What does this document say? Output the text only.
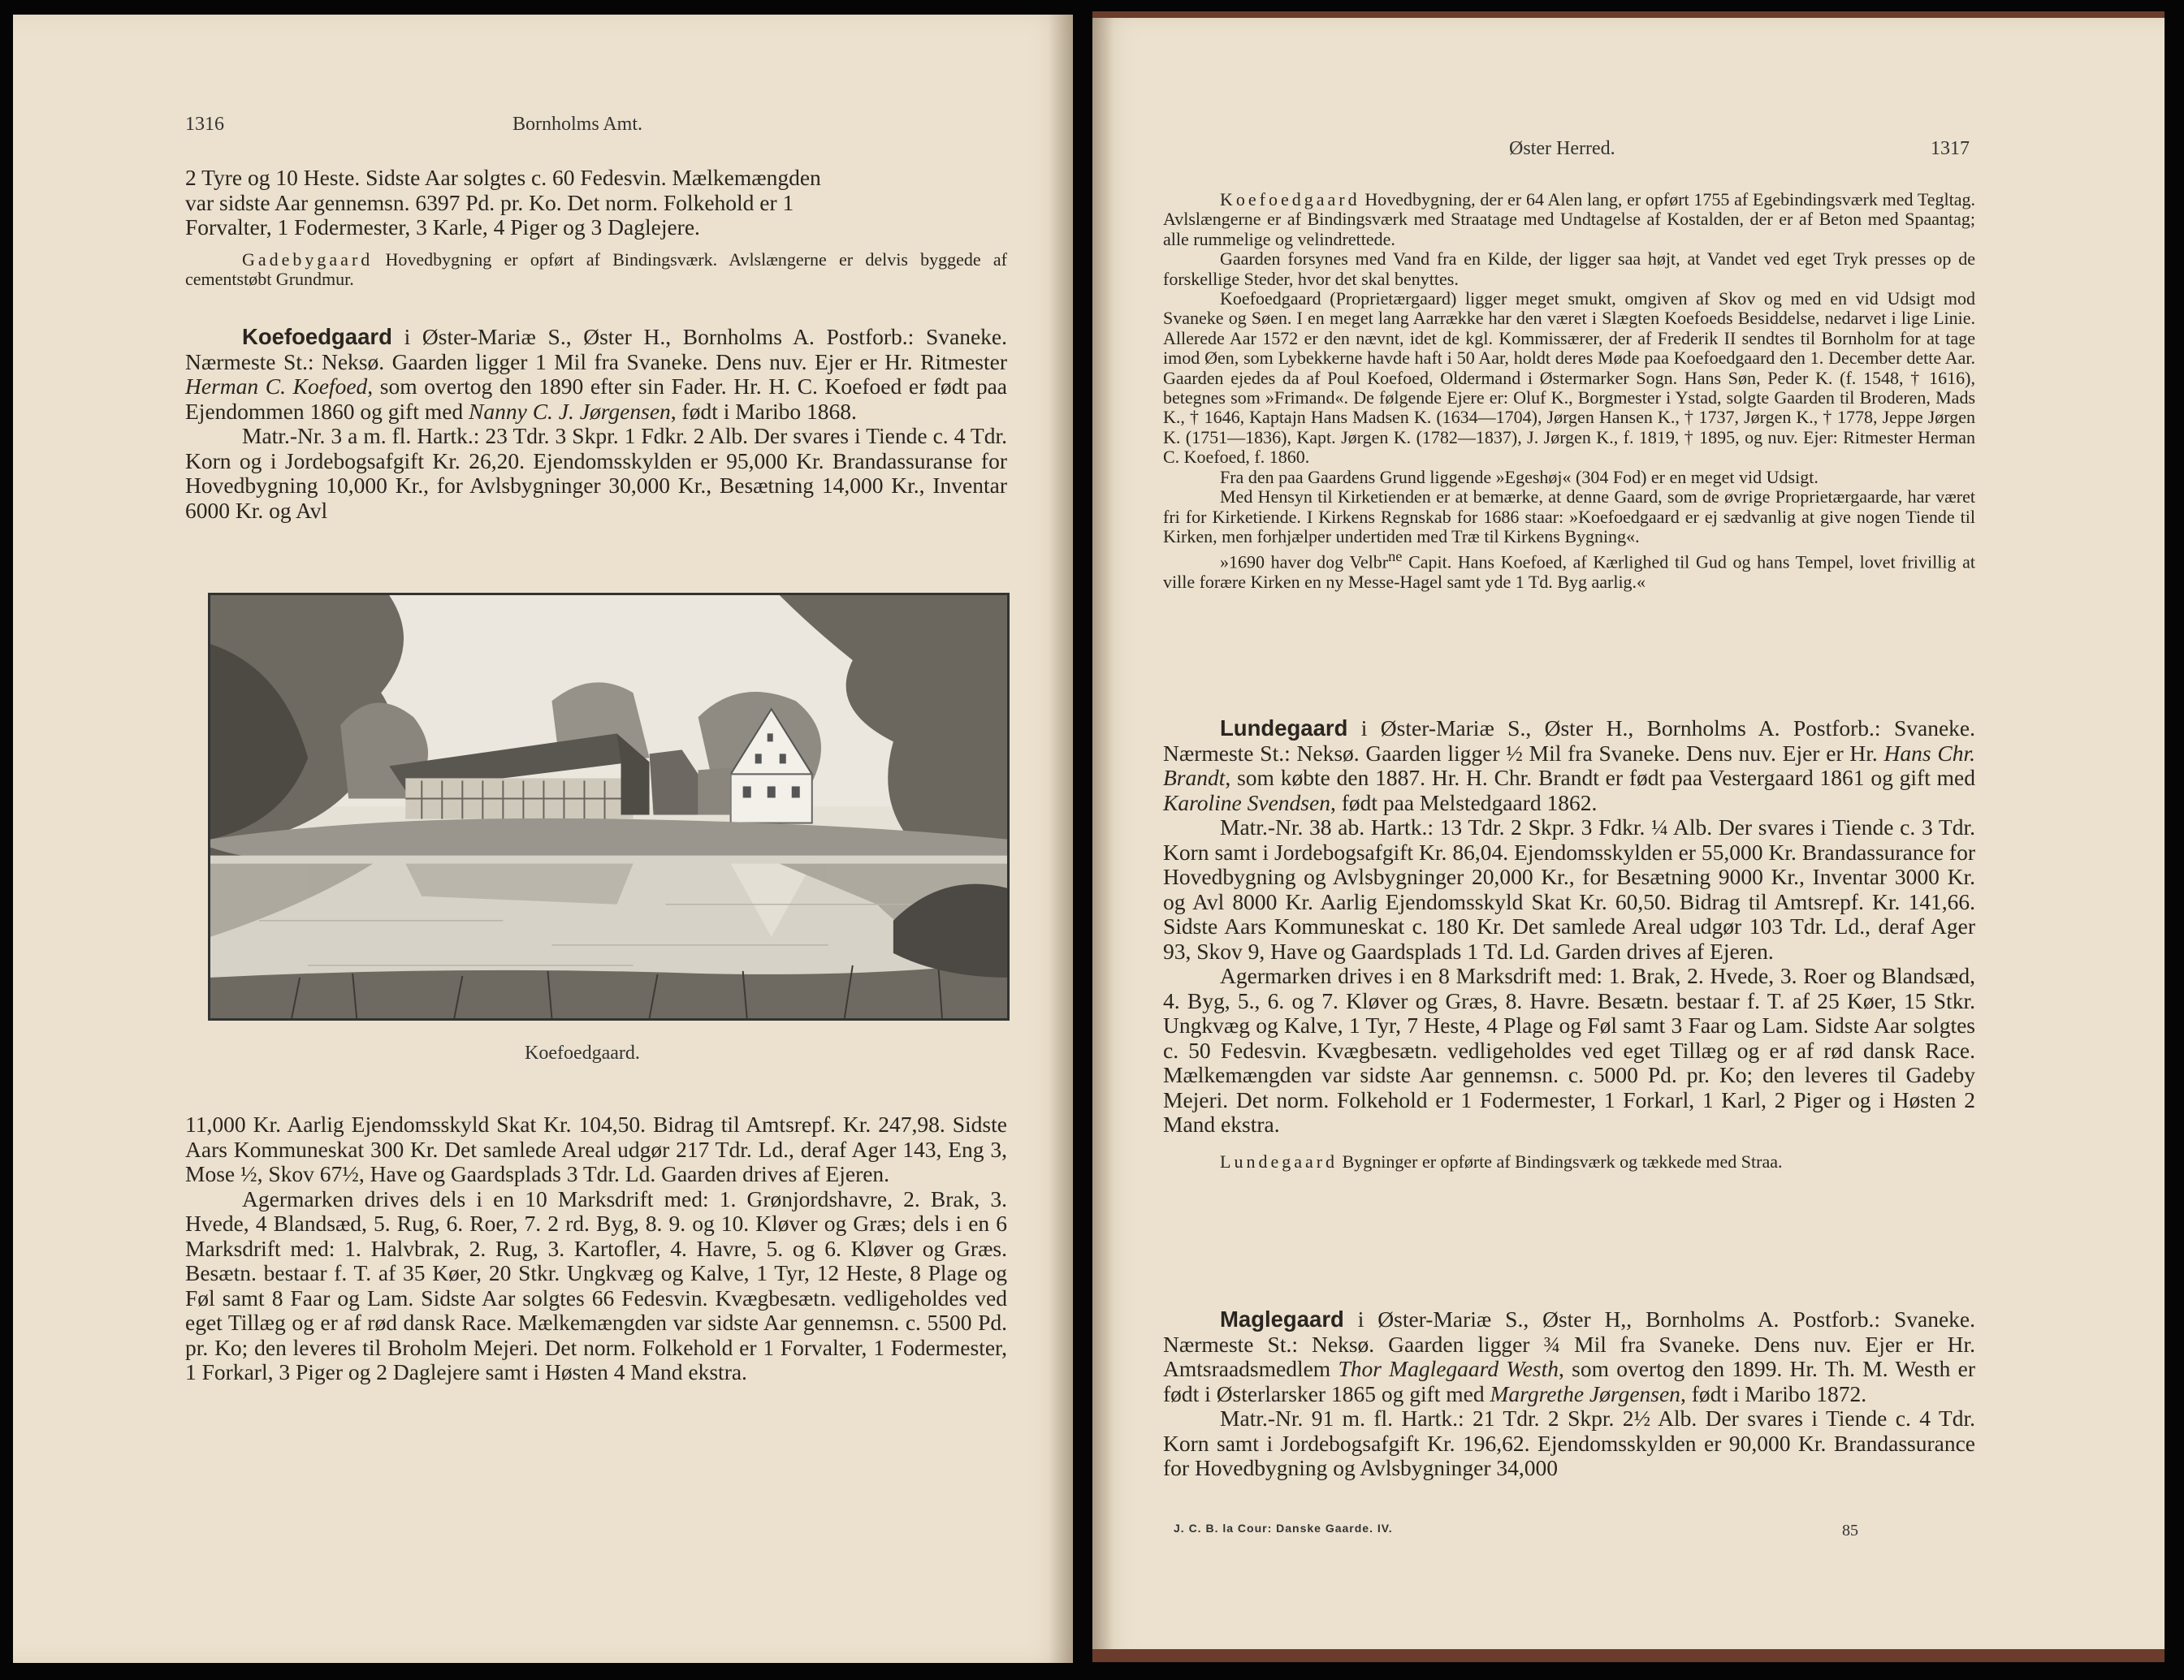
1316	Bornholms Amt.

2 Tyre og 10 Heste. Sidste Aar solgtes c. 60 Fedesvin. Mælkemængden

var sidste Aar gennemsn. 6397 Pd. pr. Ko. Det norm. Folkehold er 1

Forvalter, 1 Fodermester, 3 Karle, 4 Piger og 3 Daglejere.

Gadebygaard Hovedbygning er opført af Bindingsværk. Avlslængerne er delvis byggede af cementstøbt Grundmur.

Koefoedgaard i Øster-Mariæ S., Øster H., Bornholms A. Postforb.: Svaneke. Nærmeste St.: Neksø. Gaarden ligger 1 Mil fra Svaneke. Dens nuv. Ejer er Hr. Ritmester Herman C. Koefoed, som overtog den 1890 efter sin Fader. Hr. H. C. Koefoed er født paa Ejendommen 1860 og gift med Nanny C. J. Jørgensen, født i Maribo 1868.

Matr.-Nr. 3 a m. fl. Hartk.: 23 Tdr. 3 Skpr. 1 Fdkr. 2 Alb. Der svares i Tiende c. 4 Tdr. Korn og i Jordebogsafgift Kr. 26,20. Ejendomsskylden er 95,000 Kr. Brandassuranse for Hovedbygning 10,000 Kr., for Avlsbygninger 30,000 Kr., Besætning 14,000 Kr., Inventar 6000 Kr. og Avl

Koefoedgaard.

11,000 Kr. Aarlig Ejendomsskyld Skat Kr. 104,50. Bidrag til Amtsrepf. Kr. 247,98. Sidste Aars Kommuneskat 300 Kr. Det samlede Areal udgør 217 Tdr. Ld., deraf Ager 143, Eng 3, Mose ½, Skov 67½, Have og Gaardsplads 3 Tdr. Ld. Gaarden drives af Ejeren.

Agermarken drives dels i en 10 Marksdrift med: 1. Grønjordshavre, 2. Brak, 3. Hvede, 4 Blandsæd, 5. Rug, 6. Roer, 7. 2 rd. Byg, 8. 9. og 10. Kløver og Græs; dels i en 6 Marksdrift med: 1. Halvbrak, 2. Rug, 3. Kartofler, 4. Havre, 5. og 6. Kløver og Græs. Besætn. bestaar f. T. af 35 Køer, 20 Stkr. Ungkvæg og Kalve, 1 Tyr, 12 Heste, 8 Plage og Føl samt 8 Faar og Lam. Sidste Aar solgtes 66 Fedesvin. Kvægbesætn. vedligeholdes ved eget Tillæg og er af rød dansk Race. Mælkemængden var sidste Aar gennemsn. c. 5500 Pd. pr. Ko; den leveres til Broholm Mejeri. Det norm. Folkehold er 1 Forvalter, 1 Fodermester, 1 Forkarl, 3 Piger og 2 Daglejere samt i Høsten 4 Mand ekstra.

Øster Herred.	1317

Koefoedgaard Hovedbygning, der er 64 Alen lang, er opført 1755 af Egebindingsværk med Tegltag. Avlslængerne er af Bindingsværk med Straatage med Undtagelse af Kostalden, der er af Beton med Spaantag; alle rummelige og velindrettede.

Gaarden forsynes med Vand fra en Kilde, der ligger saa højt, at Vandet ved eget Tryk presses op de forskellige Steder, hvor det skal benyttes.

Koefoedgaard (Proprietærgaard) ligger meget smukt, omgiven af Skov og med en vid Udsigt mod Svaneke og Søen. I en meget lang Aarrække har den været i Slægten Koefoeds Besiddelse, nedarvet i lige Linie. Allerede Aar 1572 er den nævnt, idet de kgl. Kommissærer, der af Frederik II sendtes til Bornholm for at tage imod Øen, som Lybekkerne havde haft i 50 Aar, holdt deres Møde paa Koefoedgaard den 1. December dette Aar. Gaarden ejedes da af Poul Koefoed, Oldermand i Østermarker Sogn. Hans Søn, Peder K. (f. 1548, † 1616), betegnes som »Frimand«. De følgende Ejere er: Oluf K., Borgmester i Ystad, solgte Gaarden til Broderen, Mads K., † 1646, Kaptajn Hans Madsen K. (1634—1704), Jørgen Hansen K., † 1737, Jørgen K., † 1778, Jeppe Jørgen K. (1751—1836), Kapt. Jørgen K. (1782—1837), J. Jørgen K., f. 1819, † 1895, og nuv. Ejer: Ritmester Herman C. Koefoed, f. 1860.

Fra den paa Gaardens Grund liggende »Egeshøj« (304 Fod) er en meget vid Udsigt.

Med Hensyn til Kirketienden er at bemærke, at denne Gaard, som de øvrige Proprietærgaarde, har været fri for Kirketiende. I Kirkens Regnskab for 1686 staar: »Koefoedgaard er ej sædvanlig at give nogen Tiende til Kirken, men forhjælper undertiden med Træ til Kirkens Bygning«.

»1690 haver dog Velbr$^{ne}$ Capit. Hans Koefoed, af Kærlighed til Gud og hans Tempel, lovet frivillig at ville forære Kirken en ny Messe-Hagel samt yde 1 Td. Byg aarlig.«

Lundegaard i Øster-Mariæ S., Øster H., Bornholms A. Postforb.: Svaneke. Nærmeste St.: Neksø. Gaarden ligger ½ Mil fra Svaneke. Dens nuv. Ejer er Hr. Hans Chr. Brandt, som købte den 1887. Hr. H. Chr. Brandt er født paa Vestergaard 1861 og gift med Karoline Svendsen, født paa Melstedgaard 1862.

Matr.-Nr. 38 ab. Hartk.: 13 Tdr. 2 Skpr. 3 Fdkr. ¼ Alb. Der svares i Tiende c. 3 Tdr. Korn samt i Jordebogsafgift Kr. 86,04. Ejendomsskylden er 55,000 Kr. Brandassurance for Hovedbygning og Avlsbygninger 20,000 Kr., for Besætning 9000 Kr., Inventar 3000 Kr. og Avl 8000 Kr. Aarlig Ejendomsskyld Skat Kr. 60,50. Bidrag til Amtsrepf. Kr. 141,66. Sidste Aars Kommuneskat c. 180 Kr. Det samlede Areal udgør 103 Tdr. Ld., deraf Ager 93, Skov 9, Have og Gaardsplads 1 Td. Ld. Garden drives af Ejeren.

Agermarken drives i en 8 Marksdrift med: 1. Brak, 2. Hvede, 3. Roer og Blandsæd, 4. Byg, 5., 6. og 7. Kløver og Græs, 8. Havre. Besætn. bestaar f. T. af 25 Køer, 15 Stkr. Ungkvæg og Kalve, 1 Tyr, 7 Heste, 4 Plage og Føl samt 3 Faar og Lam. Sidste Aar solgtes c. 50 Fedesvin. Kvægbesætn. vedligeholdes ved eget Tillæg og er af rød dansk Race. Mælkemængden var sidste Aar gennemsn. c. 5000 Pd. pr. Ko; den leveres til Gadeby Mejeri. Det norm. Folkehold er 1 Fodermester, 1 Forkarl, 1 Karl, 2 Piger og i Høsten 2 Mand ekstra.

Lundegaard Bygninger er opførte af Bindingsværk og tækkede med Straa.

Maglegaard i Øster-Mariæ S., Øster H,, Bornholms A. Postforb.: Svaneke. Nærmeste St.: Neksø. Gaarden ligger ¾ Mil fra Svaneke. Dens nuv. Ejer er Hr. Amtsraadsmedlem Thor Maglegaard Westh, som overtog den 1899. Hr. Th. M. Westh er født i Østerlarsker 1865 og gift med Margrethe Jørgensen, født i Maribo 1872.

Matr.-Nr. 91 m. fl. Hartk.: 21 Tdr. 2 Skpr. 2½ Alb. Der svares i Tiende c. 4 Tdr. Korn samt i Jordebogsafgift Kr. 196,62. Ejendomsskylden er 90,000 Kr. Brandassurance for Hovedbygning og Avlsbygninger 34,000

J. C. B. la Cour: Danske Gaarde. IV.	85
